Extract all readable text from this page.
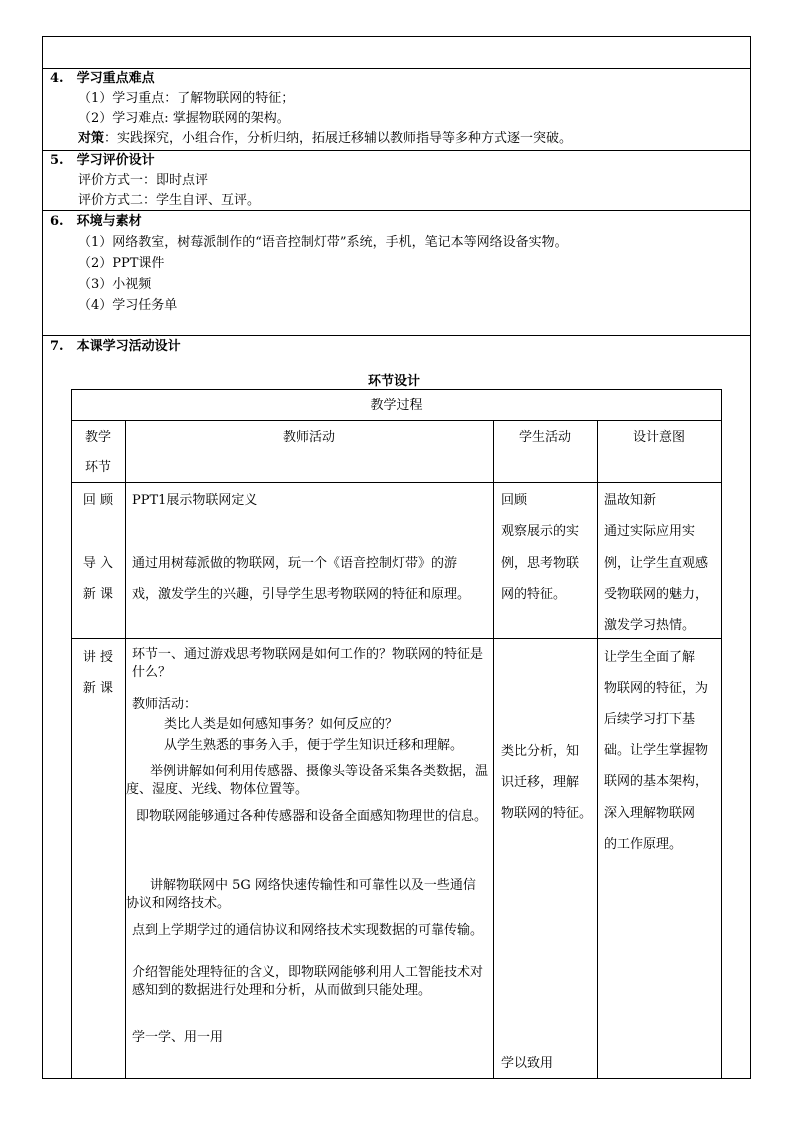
4.　学习重点难点
（1）学习重点：了解物联网的特征；
（2）学习难点: 掌握物联网的架构。
对策：实践探究，小组合作，分析归纳，拓展迁移辅以教师指导等多种方式逐一突破。
5.　学习评价设计
评价方式一：即时点评
评价方式二：学生自评、互评。
6.　环境与素材
（1）网络教室，树莓派制作的“语音控制灯带”系统，手机，笔记本等网络设备实物。
（2）PPT课件
（3）小视频
（4）学习任务单
7.　本课学习活动设计
环节设计
教学过程
教学
环节
教师活动	学生活动	设计意图
回 顾
导 入
新 课
PPT1展示物联网定义
通过用树莓派做的物联网，玩一个《语音控制灯带》的游
戏，激发学生的兴趣，引导学生思考物联网的特征和原理。
回顾
观察展示的实
例，思考物联
网的特征。
温故知新
通过实际应用实
例，让学生直观感
受物联网的魅力，
激发学习热情。
讲 授
新 课
环节一、通过游戏思考物联网是如何工作的？物联网的特征是什么？
教师活动：
类比人类是如何感知事务？如何反应的？
从学生熟悉的事务入手，便于学生知识迁移和理解。
举例讲解如何利用传感器、摄像头等设备采集各类数据，温度、湿度、光线、物体位置等。
即物联网能够通过各种传感器和设备全面感知物理世的信息。
讲解物联网中 5G 网络快速传输性和可靠性以及一些通信协议和网络技术。
点到上学期学过的通信协议和网络技术实现数据的可靠传输。
介绍智能处理特征的含义，即物联网能够利用人工智能技术对感知到的数据进行处理和分析，从而做到只能处理。
学一学、用一用
类比分析，知
识迁移，理解
物联网的特征。
学以致用
让学生全面了解
物联网的特征，为
后续学习打下基
础。让学生掌握物
联网的基本架构，
深入理解物联网
的工作原理。
